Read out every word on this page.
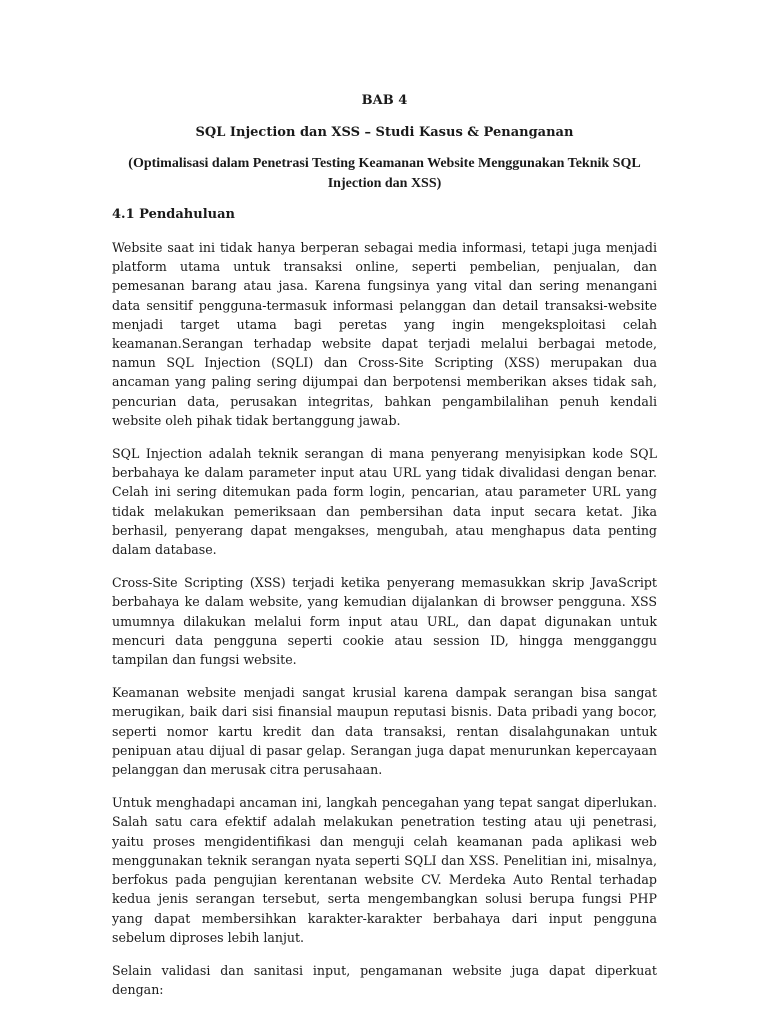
BAB 4
SQL Injection dan XSS – Studi Kasus & Penanganan
(Optimalisasi dalam Penetrasi Testing Keamanan Website Menggunakan Teknik SQL Injection dan XSS)
4.1 Pendahuluan

Website saat ini tidak hanya berperan sebagai media informasi, tetapi juga menjadi platform utama untuk transaksi online, seperti pembelian, penjualan, dan pemesanan barang atau jasa. Karena fungsinya yang vital dan sering menangani data sensitif pengguna-termasuk informasi pelanggan dan detail transaksi-website menjadi target utama bagi peretas yang ingin mengeksploitasi celah keamanan.Serangan terhadap website dapat terjadi melalui berbagai metode, namun SQL Injection (SQLI) dan Cross-Site Scripting (XSS) merupakan dua ancaman yang paling sering dijumpai dan berpotensi memberikan akses tidak sah, pencurian data, perusakan integritas, bahkan pengambilalihan penuh kendali website oleh pihak tidak bertanggung jawab.

SQL Injection adalah teknik serangan di mana penyerang menyisipkan kode SQL berbahaya ke dalam parameter input atau URL yang tidak divalidasi dengan benar. Celah ini sering ditemukan pada form login, pencarian, atau parameter URL yang tidak melakukan pemeriksaan dan pembersihan data input secara ketat. Jika berhasil, penyerang dapat mengakses, mengubah, atau menghapus data penting dalam database.

Cross-Site Scripting (XSS) terjadi ketika penyerang memasukkan skrip JavaScript berbahaya ke dalam website, yang kemudian dijalankan di browser pengguna. XSS umumnya dilakukan melalui form input atau URL, dan dapat digunakan untuk mencuri data pengguna seperti cookie atau session ID, hingga mengganggu tampilan dan fungsi website.

Keamanan website menjadi sangat krusial karena dampak serangan bisa sangat merugikan, baik dari sisi finansial maupun reputasi bisnis. Data pribadi yang bocor, seperti nomor kartu kredit dan data transaksi, rentan disalahgunakan untuk penipuan atau dijual di pasar gelap. Serangan juga dapat menurunkan kepercayaan pelanggan dan merusak citra perusahaan.

Untuk menghadapi ancaman ini, langkah pencegahan yang tepat sangat diperlukan. Salah satu cara efektif adalah melakukan penetration testing atau uji penetrasi, yaitu proses mengidentifikasi dan menguji celah keamanan pada aplikasi web menggunakan teknik serangan nyata seperti SQLI dan XSS. Penelitian ini, misalnya, berfokus pada pengujian kerentanan website CV. Merdeka Auto Rental terhadap kedua jenis serangan tersebut, serta mengembangkan solusi berupa fungsi PHP yang dapat membersihkan karakter-karakter berbahaya dari input pengguna sebelum diproses lebih lanjut.

Selain validasi dan sanitasi input, pengamanan website juga dapat diperkuat dengan:
